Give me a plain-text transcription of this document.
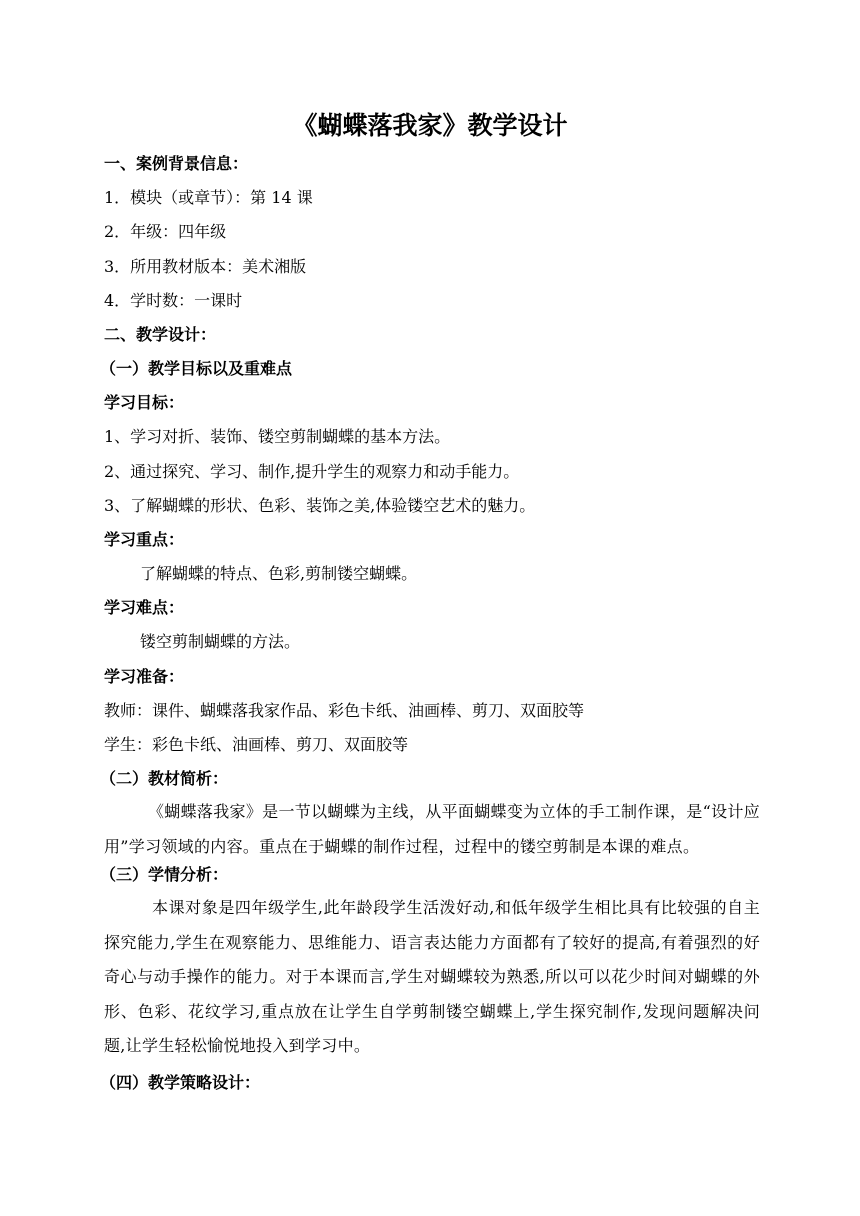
《蝴蝶落我家》教学设计
一、案例背景信息：
1．模块（或章节）：第 14 课
2．年级：四年级
3．所用教材版本：美术湘版
4．学时数：一课时
二、教学设计：
（一）教学目标以及重难点
学习目标：
1、学习对折、装饰、镂空剪制蝴蝶的基本方法。
2、通过探究、学习、制作,提升学生的观察力和动手能力。
3、了解蝴蝶的形状、色彩、装饰之美,体验镂空艺术的魅力。
学习重点：
了解蝴蝶的特点、色彩,剪制镂空蝴蝶。
学习难点：
镂空剪制蝴蝶的方法。
学习准备：
教师：课件、蝴蝶落我家作品、彩色卡纸、油画棒、剪刀、双面胶等
学生：彩色卡纸、油画棒、剪刀、双面胶等
（二）教材简析：
《蝴蝶落我家》是一节以蝴蝶为主线，从平面蝴蝶变为立体的手工制作课，是“设计应用”学习领域的内容。重点在于蝴蝶的制作过程，过程中的镂空剪制是本课的难点。
（三）学情分析：
本课对象是四年级学生,此年龄段学生活泼好动,和低年级学生相比具有比较强的自主探究能力,学生在观察能力、思维能力、语言表达能力方面都有了较好的提高,有着强烈的好奇心与动手操作的能力。对于本课而言,学生对蝴蝶较为熟悉,所以可以花少时间对蝴蝶的外形、色彩、花纹学习,重点放在让学生自学剪制镂空蝴蝶上,学生探究制作,发现问题解决问题,让学生轻松愉悦地投入到学习中。
（四）教学策略设计：
